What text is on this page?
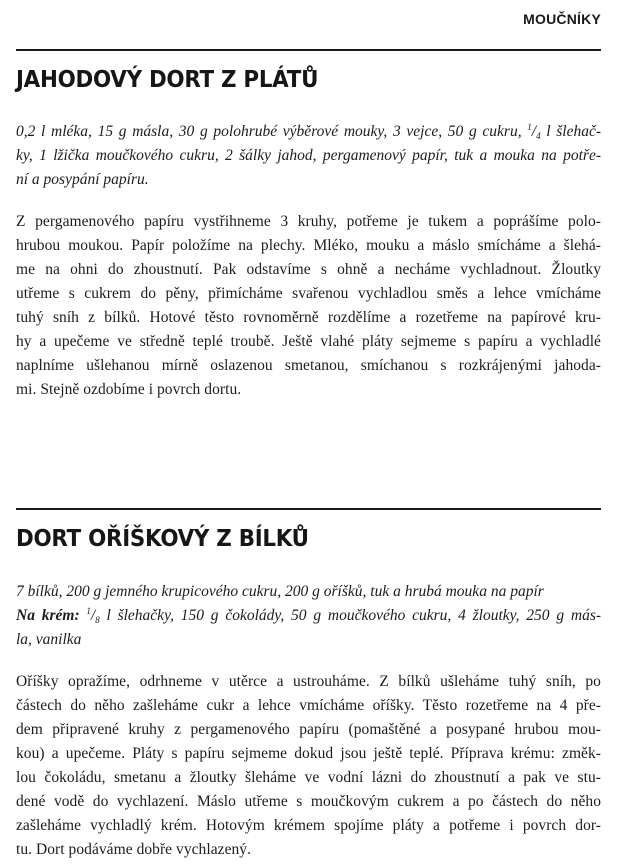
MOUČNÍKY
JAHODOVÝ DORT Z PLÁTŮ
0,2 l mléka, 15 g másla, 30 g polohrubé výběrové mouky, 3 vejce, 50 g cukru, $^1/_4$ l šlehač-
ky, 1 lžička moučkového cukru, 2 šálky jahod, pergamenový papír, tuk a mouka na potře-
ní a posypání papíru.
Z pergamenového papíru vystřihneme 3 kruhy, potřeme je tukem a poprášíme polo-
hrubou moukou. Papír položíme na plechy. Mléko, mouku a máslo smícháme a šlehá-
me na ohni do zhoustnutí. Pak odstavíme s ohně a necháme vychladnout. Žloutky
utřeme s cukrem do pěny, přimícháme svařenou vychladlou směs a lehce vmícháme
tuhý sníh z bílků. Hotové těsto rovnoměrně rozdělíme a rozetřeme na papírové kru-
hy a upečeme ve středně teplé troubě. Ještě vlahé pláty sejmeme s papíru a vychladlé
naplníme ušlehanou mírně oslazenou smetanou, smíchanou s rozkrájenými jahoda-
mi. Stejně ozdobíme i povrch dortu.
DORT OŘÍŠKOVÝ Z BÍLKŮ
7 bílků, 200 g jemného krupicového cukru, 200 g oříšků, tuk a hrubá mouka na papír
Na krém: $^1/_8$ l šlehačky, 150 g čokolády, 50 g moučkového cukru, 4 žloutky, 250 g más-
la, vanilka
Oříšky opražíme, odrhneme v utěrce a ustrouháme. Z bílků ušleháme tuhý sníh, po
částech do něho zašleháme cukr a lehce vmícháme oříšky. Těsto rozetřeme na 4 pře-
dem připravené kruhy z pergamenového papíru (pomaštěné a posypané hrubou mou-
kou) a upečeme. Pláty s papíru sejmeme dokud jsou ještě teplé. Příprava krému: změk-
lou čokoládu, smetanu a žloutky šleháme ve vodní lázni do zhoustnutí a pak ve stu-
dené vodě do vychlazení. Máslo utřeme s moučkovým cukrem a po částech do něho
zašleháme vychladlý krém. Hotovým krémem spojíme pláty a potřeme i povrch dor-
tu. Dort podáváme dobře vychlazený.
